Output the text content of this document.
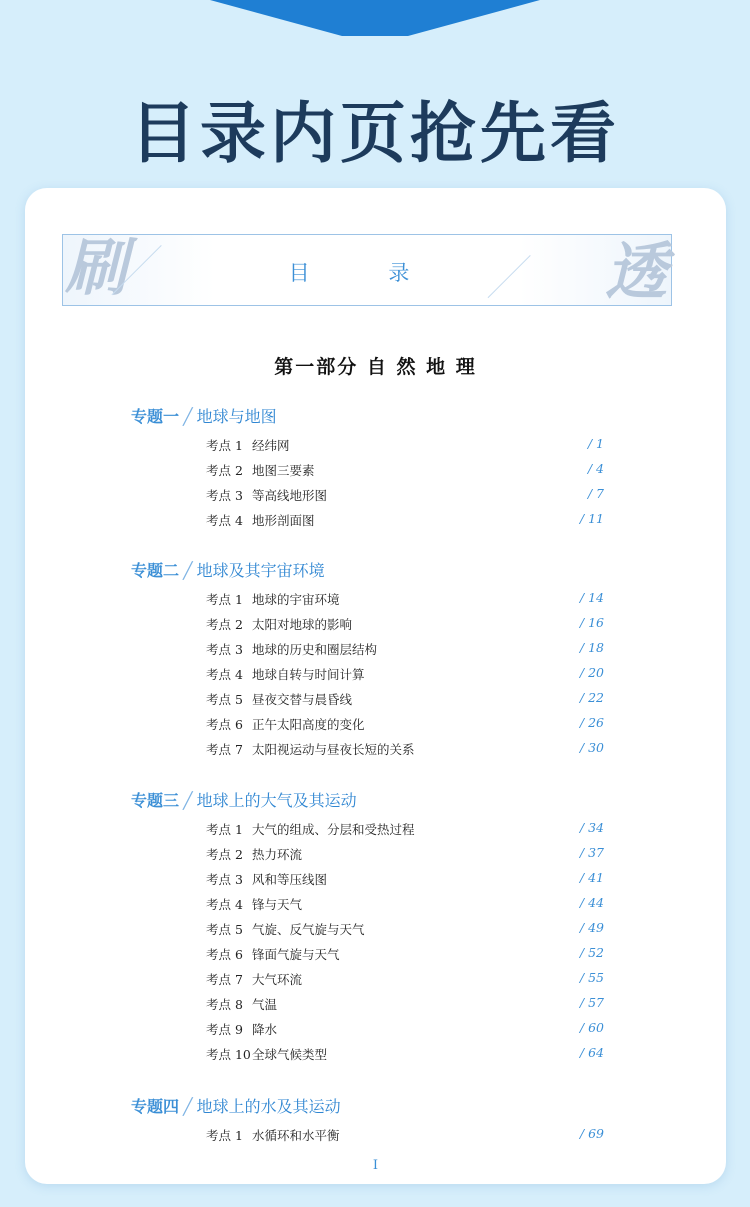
目录内页抢先看
刷	目 录	透
第一部分 自 然 地 理
专题一 ╱ 地球与地图
考点 1 经纬网	/ 1
考点 2 地图三要素	/ 4
考点 3 等高线地形图	/ 7
考点 4 地形剖面图	/ 11
专题二 ╱ 地球及其宇宙环境
考点 1 地球的宇宙环境	/ 14
考点 2 太阳对地球的影响	/ 16
考点 3 地球的历史和圈层结构	/ 18
考点 4 地球自转与时间计算	/ 20
考点 5 昼夜交替与晨昏线	/ 22
考点 6 正午太阳高度的变化	/ 26
考点 7 太阳视运动与昼夜长短的关系	/ 30
专题三 ╱ 地球上的大气及其运动
考点 1 大气的组成、分层和受热过程	/ 34
考点 2 热力环流	/ 37
考点 3 风和等压线图	/ 41
考点 4 锋与天气	/ 44
考点 5 气旋、反气旋与天气	/ 49
考点 6 锋面气旋与天气	/ 52
考点 7 大气环流	/ 55
考点 8 气温	/ 57
考点 9 降水	/ 60
考点 10全球气候类型	/ 64
专题四 ╱ 地球上的水及其运动
考点 1 水循环和水平衡	/ 69
I
